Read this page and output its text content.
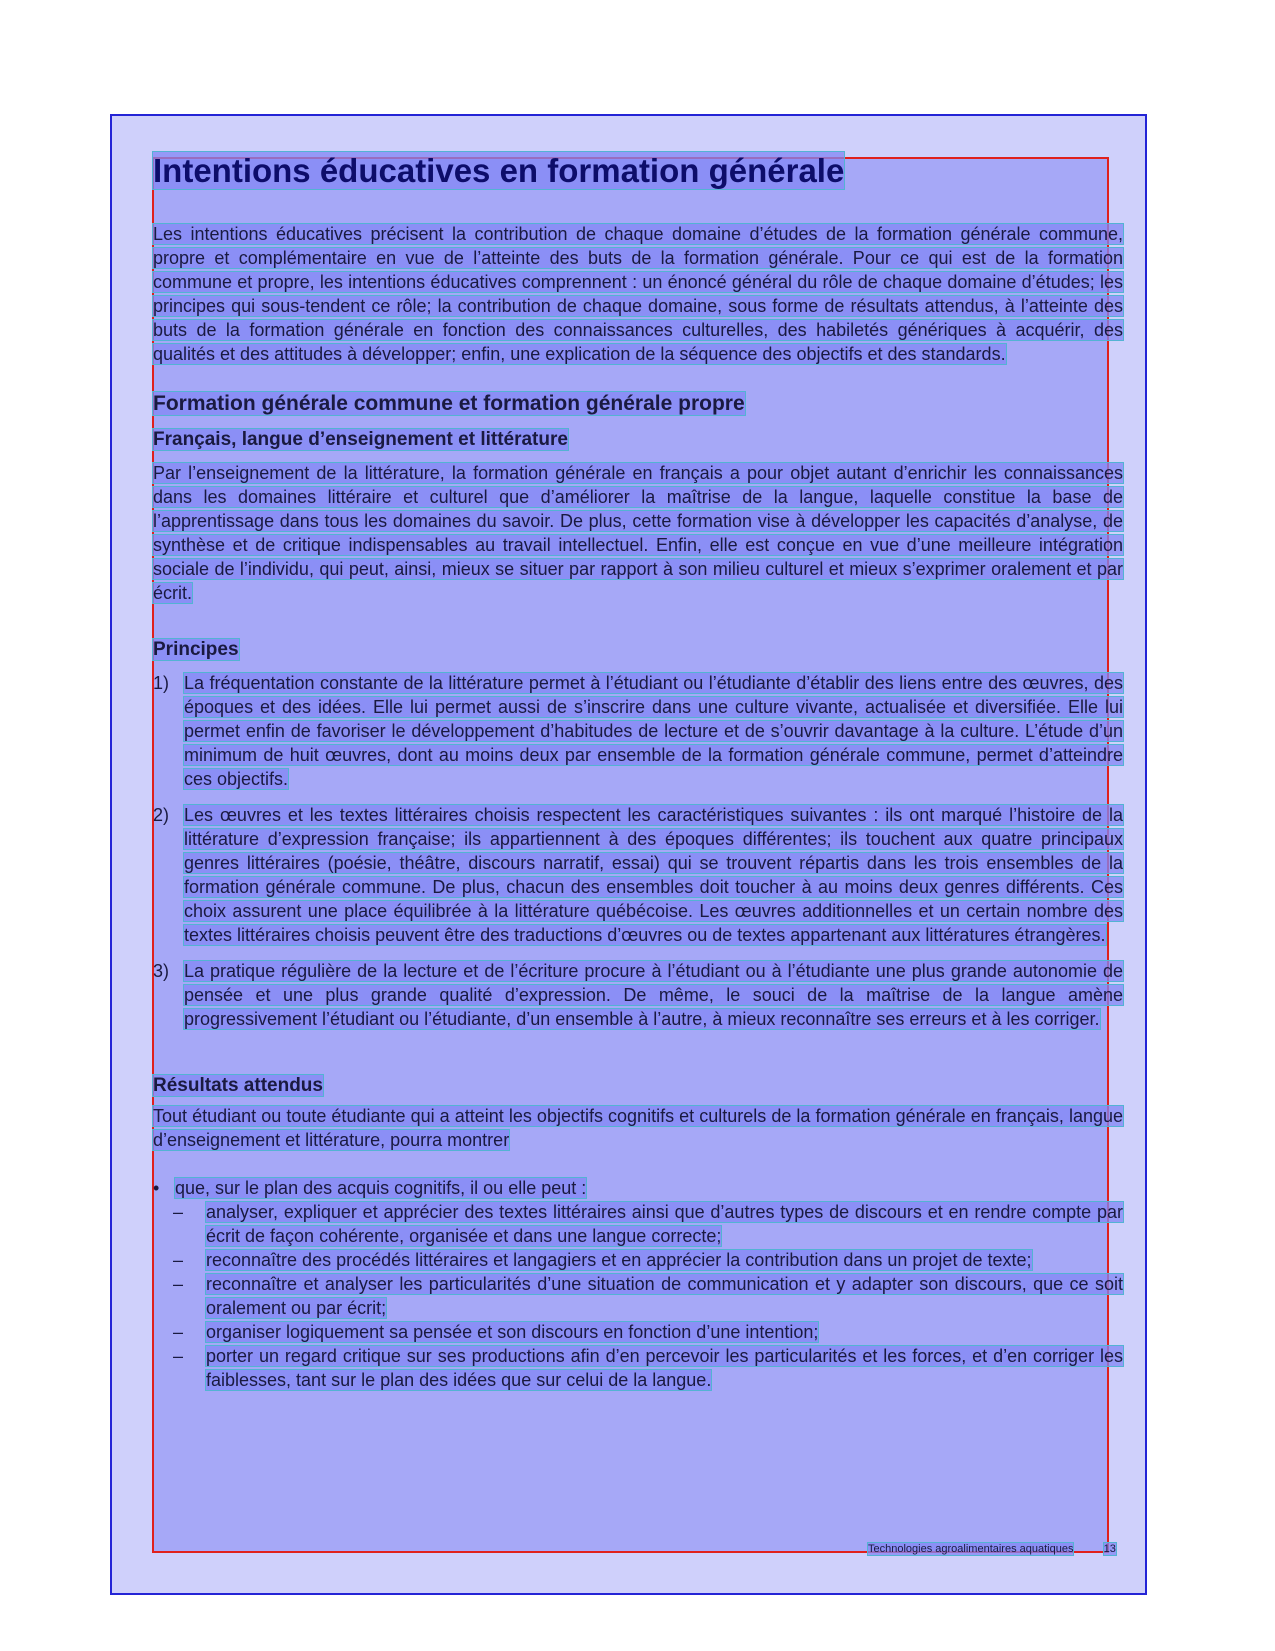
Intentions éducatives en formation générale

Les intentions éducatives précisent la contribution de chaque domaine d’études de la formation générale commune, propre et complémentaire en vue de l’atteinte des buts de la formation générale. Pour ce qui est de la formation commune et propre, les intentions éducatives comprennent : un énoncé général du rôle de chaque domaine d’études; les principes qui sous-tendent ce rôle; la contribution de chaque domaine, sous forme de résultats attendus, à l’atteinte des buts de la formation générale en fonction des connaissances culturelles, des habiletés génériques à acquérir, des qualités et des attitudes à développer; enfin, une explication de la séquence des objectifs et des standards.

Formation générale commune et formation générale propre
Français, langue d’enseignement et littérature

Par l’enseignement de la littérature, la formation générale en français a pour objet autant d’enrichir les connaissances dans les domaines littéraire et culturel que d’améliorer la maîtrise de la langue, laquelle constitue la base de l’apprentissage dans tous les domaines du savoir. De plus, cette formation vise à développer les capacités d’analyse, de synthèse et de critique indispensables au travail intellectuel. Enfin, elle est conçue en vue d’une meilleure intégration sociale de l’individu, qui peut, ainsi, mieux se situer par rapport à son milieu culturel et mieux s’exprimer oralement et par écrit.

Principes
1) La fréquentation constante de la littérature permet à l’étudiant ou l’étudiante d’établir des liens entre des œuvres, des époques et des idées. Elle lui permet aussi de s’inscrire dans une culture vivante, actualisée et diversifiée. Elle lui permet enfin de favoriser le développement d’habitudes de lecture et de s’ouvrir davantage à la culture. L’étude d’un minimum de huit œuvres, dont au moins deux par ensemble de la formation générale commune, permet d’atteindre ces objectifs.
2) Les œuvres et les textes littéraires choisis respectent les caractéristiques suivantes : ils ont marqué l’histoire de la littérature d’expression française; ils appartiennent à des époques différentes; ils touchent aux quatre principaux genres littéraires (poésie, théâtre, discours narratif, essai) qui se trouvent répartis dans les trois ensembles de la formation générale commune. De plus, chacun des ensembles doit toucher à au moins deux genres différents. Ces choix assurent une place équilibrée à la littérature québécoise. Les œuvres additionnelles et un certain nombre des textes littéraires choisis peuvent être des traductions d’œuvres ou de textes appartenant aux littératures étrangères.
3) La pratique régulière de la lecture et de l’écriture procure à l’étudiant ou à l’étudiante une plus grande autonomie de pensée et une plus grande qualité d’expression. De même, le souci de la maîtrise de la langue amène progressivement l’étudiant ou l’étudiante, d’un ensemble à l’autre, à mieux reconnaître ses erreurs et à les corriger.
Résultats attendus

Tout étudiant ou toute étudiante qui a atteint les objectifs cognitifs et culturels de la formation générale en français, langue d’enseignement et littérature, pourra montrer

• que, sur le plan des acquis cognitifs, il ou elle peut :
–	analyser, expliquer et apprécier des textes littéraires ainsi que d’autres types de discours et en rendre compte par écrit de façon cohérente, organisée et dans une langue correcte;
–	reconnaître des procédés littéraires et langagiers et en apprécier la contribution dans un projet de texte;
–	reconnaître et analyser les particularités d’une situation de communication et y adapter son discours, que ce soit oralement ou par écrit;
–	organiser logiquement sa pensée et son discours en fonction d’une intention;
–	porter un regard critique sur ses productions afin d’en percevoir les particularités et les forces, et d’en corriger les faiblesses, tant sur le plan des idées que sur celui de la langue.
Technologies agroalimentaires aquatiques	13
